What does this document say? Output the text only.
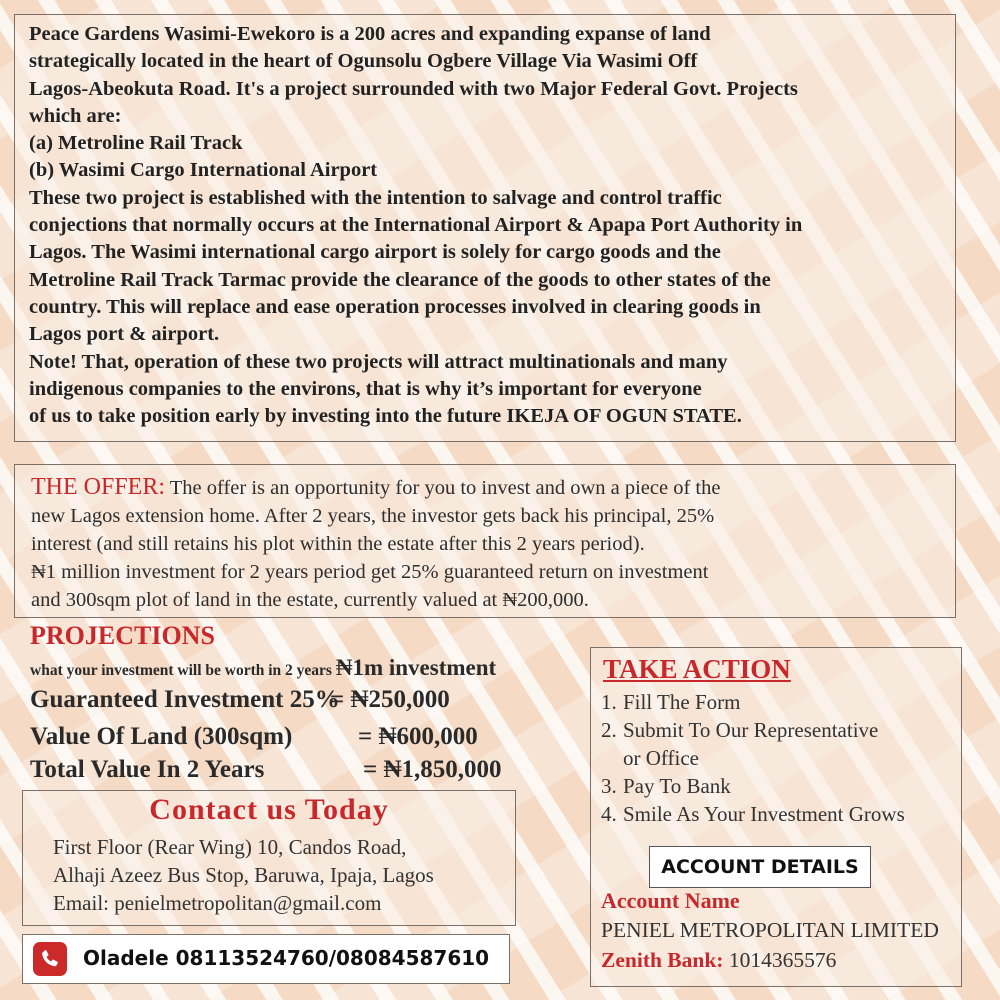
Peace Gardens Wasimi-Ewekoro is a 200 acres and expanding expanse of land

strategically located in the heart of Ogunsolu Ogbere Village Via Wasimi Off

Lagos-Abeokuta Road. It's a project surrounded with two Major Federal Govt. Projects

which are:

(a) Metroline Rail Track

(b) Wasimi Cargo International Airport

These two project is established with the intention to salvage and control traffic

conjections that normally occurs at the International Airport & Apapa Port Authority in

Lagos. The Wasimi international cargo airport is solely for cargo goods and the

Metroline Rail Track Tarmac provide the clearance of the goods to other states of the

country. This will replace and ease operation processes involved in clearing goods in

Lagos port & airport.

Note! That, operation of these two projects will attract multinationals and many

indigenous companies to the environs, that is why it’s important for everyone

of us to take position early by investing into the future IKEJA OF OGUN STATE.

THE OFFER: The offer is an opportunity for you to invest and own a piece of the

new Lagos extension home. After 2 years, the investor gets back his principal, 25%

interest (and still retains his plot within the estate after this 2 years period).

₦1 million investment for 2 years period get 25% guaranteed return on investment

and 300sqm plot of land in the estate, currently valued at ₦200,000.

PROJECTIONS
what your investment will be worth in 2 years ₦1m investment
Guaranteed Investment 25%
= ₦250,000
Value Of Land (300sqm)	= ₦600,000
Total Value In 2 Years	= ₦1,850,000
Contact us Today
First Floor (Rear Wing) 10, Candos Road,
Alhaji Azeez Bus Stop, Baruwa, Ipaja, Lagos
Email: penielmetropolitan@gmail.com
Oladele 08113524760/08084587610
TAKE ACTION
1. Fill The Form
2. Submit To Our Representative
or Office
3. Pay To Bank
4. Smile As Your Investment Grows
ACCOUNT DETAILS
Account Name
PENIEL METROPOLITAN LIMITED
Zenith Bank: 1014365576
